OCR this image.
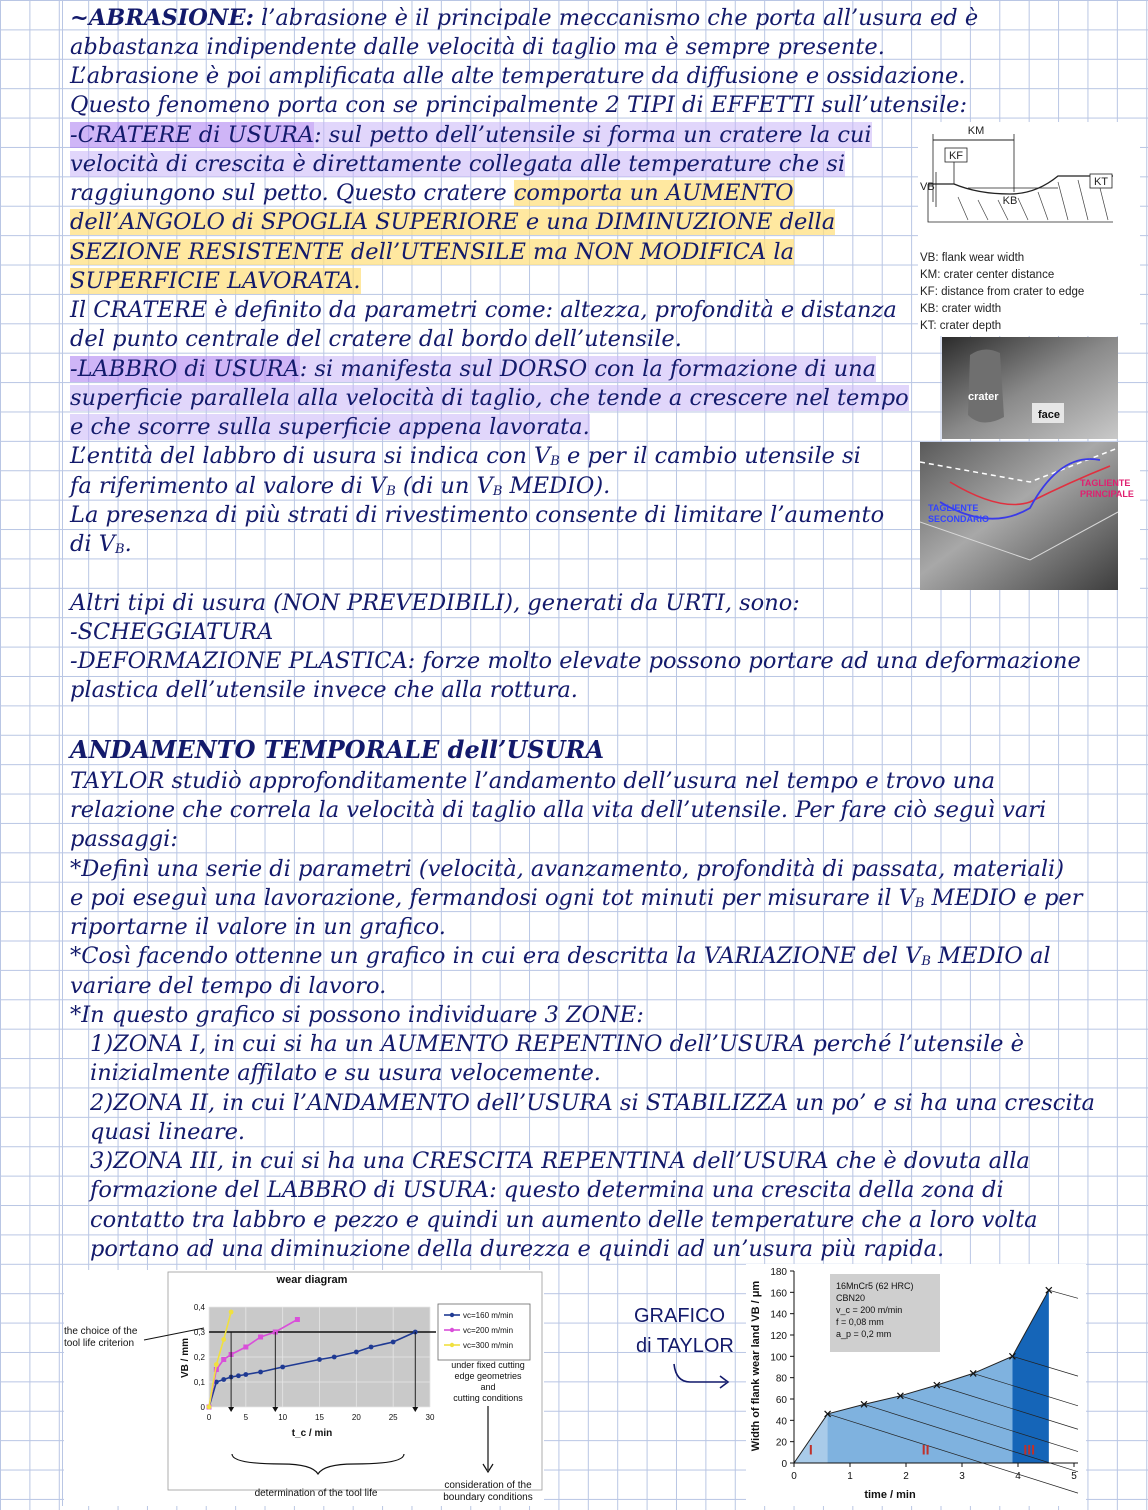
~ABRASIONE: l’abrasione è il principale meccanismo che porta all’usura ed è
abbastanza indipendente dalle velocità di taglio ma è sempre presente.
L’abrasione è poi amplificata alle alte temperature da diffusione e ossidazione.
Questo fenomeno porta con se principalmente 2 TIPI di EFFETTI sull’utensile:
-CRATERE di USURA: sul petto dell’utensile si forma un cratere la cui
velocità di crescita è direttamente collegata alle temperature che si
raggiungono sul petto. Questo cratere comporta un AUMENTO
dell’ANGOLO di SPOGLIA SUPERIORE e una DIMINUZIONE della
SEZIONE RESISTENTE dell’UTENSILE ma NON MODIFICA la
SUPERFICIE LAVORATA.
Il CRATERE è definito da parametri come: altezza, profondità e distanza
del punto centrale del cratere dal bordo dell’utensile.
-LABBRO di USURA: si manifesta sul DORSO con la formazione di una
superficie parallela alla velocità di taglio, che tende a crescere nel tempo
e che scorre sulla superficie appena lavorata.
L’entità del labbro di usura si indica con $V_B$ e per il cambio utensile si
fa riferimento al valore di $V_B$ (di un $V_B$ MEDIO).
La presenza di più strati di rivestimento consente di limitare l’aumento
di $V_B$.
Altri tipi di usura (NON PREVEDIBILI), generati da URTI, sono:
-SCHEGGIATURA
-DEFORMAZIONE PLASTICA: forze molto elevate possono portare ad una deformazione
plastica dell’utensile invece che alla rottura.
ANDAMENTO TEMPORALE dell’USURA
TAYLOR studiò approfonditamente l’andamento dell’usura nel tempo e trovo una
relazione che correla la velocità di taglio alla vita dell’utensile. Per fare ciò seguì vari
passaggi:
*Definì una serie di parametri (velocità, avanzamento, profondità di passata, materiali)
e poi eseguì una lavorazione, fermandosi ogni tot minuti per misurare il $V_B$ MEDIO e per
riportarne il valore in un grafico.
*Così facendo ottenne un grafico in cui era descritta la VARIAZIONE del $V_B$ MEDIO al
variare del tempo di lavoro.
*In questo grafico si possono individuare 3 ZONE:
1)ZONA I, in cui si ha un AUMENTO REPENTINO dell’USURA perché l’utensile è
inizialmente affilato e su usura velocemente.
2)ZONA II, in cui l’ANDAMENTO dell’USURA si STABILIZZA un po’ e si ha una crescita
quasi lineare.
3)ZONA III, in cui si ha una CRESCITA REPENTINA dell’USURA che è dovuta alla
formazione del LABBRO di USURA: questo determina una crescita della zona di
contatto tra labbro e pezzo e quindi un aumento delle temperature che a loro volta
portano ad una diminuzione della durezza e quindi ad un’usura più rapida.
KM
KF
VB
KB
KT
VB: flank wear width
KM: crater center distance
KF: distance from crater to edge
KB: crater width
KT: crater depth
crater
face
TAGLIENTE
SECONDARIO
TAGLIENTE
PRINCIPALE
0	5	10	15	20	25	30
0
0,1
0,2
0,3
0,4
wear diagram
t_c / min
VB / mm
vc=160 m/min
vc=200 m/min
vc=300 m/min
under fixed cutting
edge geometries
and
cutting conditions
the choice of the
tool life criterion
determination of the tool life
consideration of the
boundary conditions
GRAFICO
di TAYLOR
0	1	2	3	4	5
0
20
40
60
80
100
120
140
160
180
16MnCr5 (62 HRC)
CBN20
v_c = 200 m/min
f = 0,08 mm
a_p = 0,2 mm
I	II	III
time / min
Width of flank wear land VB / μm
